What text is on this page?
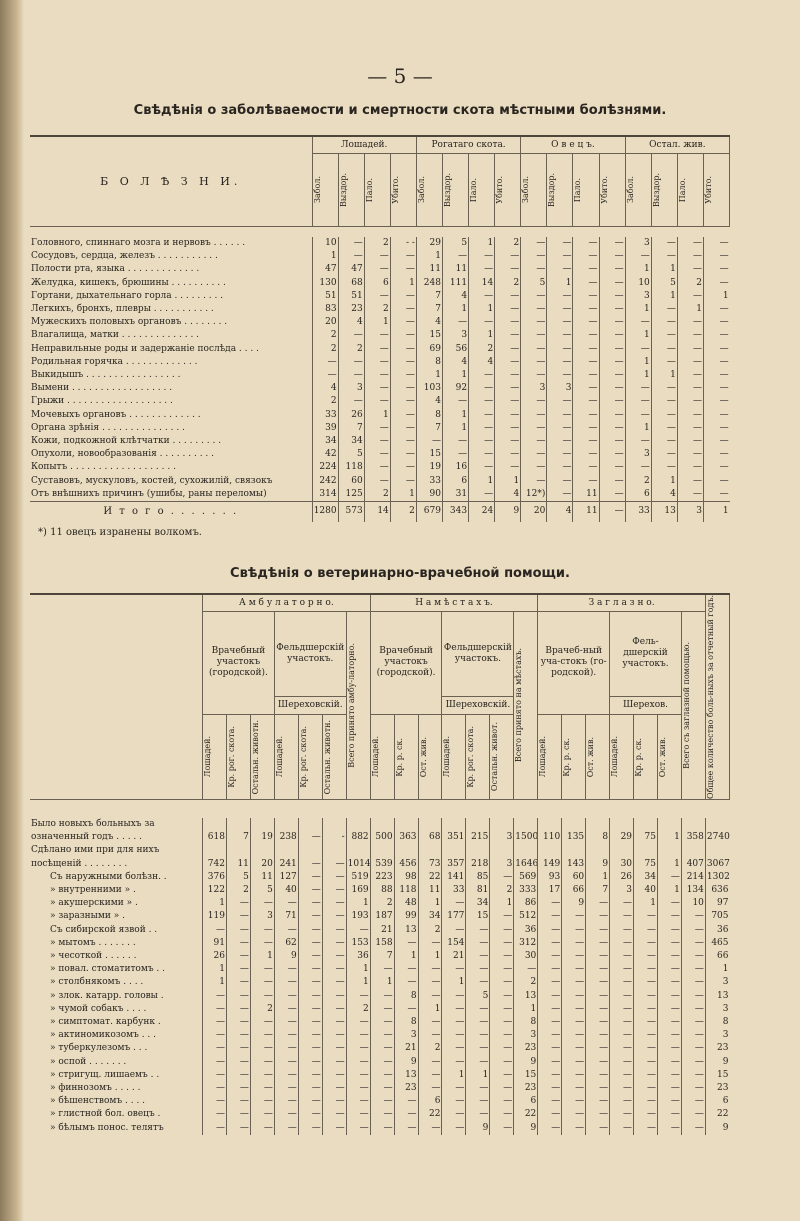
— 5 —
Свѣдѣнія о заболѣваемости и смертности скота мѣстными болѣзнями.
Б О Л Ѣ З Н И.	Лошадей.				Рогатаго скота.				О в е ц ъ.				Остал. жив.			

	Забол.	Выздор.	Пало.	Убито.	Забол.	Выздор.	Пало.	Убито.	Забол.	Выздор.	Пало.	Убито.	Забол.	Выздор.	Пало.	Убито.

Головного, спиннаго мозга и нервовъ . . . . . .	10	—	2	- -	29	5	1	2	—	—	—	—	3	—	—	—
Сосудовъ, сердца, железъ . . . . . . . . . . .	1	—	—	—	1	—	—	—	—	—	—	—	—	—	—	—
Полости рта, языка . . . . . . . . . . . . .	47	47	—	—	11	11	—	—	—	—	—	—	1	1	—	—
Желудка, кишекъ, брюшины . . . . . . . . . .	130	68	6	1	248	111	14	2	5	1	—	—	10	5	2	—
Гортани, дыхательнаго горла . . . . . . . . .	51	51	—	—	7	4	—	—	—	—	—	—	3	1	—	1
Легкихъ, бронхъ, плевры . . . . . . . . . . .	83	23	2	—	7	1	1	—	—	—	—	—	1	—	1	—
Мужескихъ половыхъ органовъ . . . . . . . .	20	4	1	—	4	—	—	—	—	—	—	—	—	—	—	—
Влагалища, матки . . . . . . . . . . . . . .	2	—	—	—	15	3	1	—	—	—	—	—	1	—	—	—
Неправильные роды и задержаніе послѣда . . . .	2	2	—	—	69	56	2	—	—	—	—	—	—	—	—	—
Родильная горячка . . . . . . . . . . . . .	—	—	—	—	8	4	4	—	—	—	—	—	1	—	—	—
Выкидышъ . . . . . . . . . . . . . . . . .	—	—	—	—	1	1	—	—	—	—	—	—	1	1	—	—
Вымени . . . . . . . . . . . . . . . . . .	4	3	—	—	103	92	—	—	3	3	—	—	—	—	—	—
Грыжи . . . . . . . . . . . . . . . . . . .	2	—	—	—	4	—	—	—	—	—	—	—	—	—	—	—
Мочевыхъ органовъ . . . . . . . . . . . . .	33	26	1	—	8	1	—	—	—	—	—	—	—	—	—	—
Органа зрѣнія . . . . . . . . . . . . . . .	39	7	—	—	7	1	—	—	—	—	—	—	1	—	—	—
Кожи, подкожной клѣтчатки . . . . . . . . .	34	34	—	—	—	—	—	—	—	—	—	—	—	—	—	—
Опухоли, новообразованія . . . . . . . . . .	42	5	—	—	15	—	—	—	—	—	—	—	3	—	—	—
Копытъ . . . . . . . . . . . . . . . . . . .	224	118	—	—	19	16	—	—	—	—	—	—	—	—	—	—
Суставовъ, мускуловъ, костей, сухожилій, связокъ	242	60	—	—	33	6	1	1	—	—	—	—	2	1	—	—
Отъ внѣшнихъ причинъ (ушибы, раны переломы)	314	125	2	1	90	31	—	4	12*)	—	11	—	6	4	—	—
И т о г о . . . . . . .	1280	573	14	2	679	343	24	9	20	4	11	—	33	13	3	1
*) 11 овецъ изранены волкомъ.
Свѣдѣнія о ветеринарно-врачебной помощи.
	А м б у л а т о р н о.							Н а м ѣ с т а х ъ.							З а г л а з н о.							Общее количество боль-ныхъ за отчетный годъ.

	Врачебный участокъ (городской).			Фельдшерскій участокъ.			Всего принято амбу-латорно.	Врачебный участокъ (городской).			Фельдшерскій участокъ.			Всего принято на мѣстахъ.	Врачеб-ный уча-стокъ (го-родской).			Фель-дшерскій участокъ.			Всего съ заглазной помощью.	

				Шереховскій.							Шереховскій.							Шерехов.				

	Лошадей.	Кр. рог. скота.	Остальн. животн.	Лошадей.	Кр. рог. скота.	Остальн. животн.		Лошадей.	Кр. р. ск.	Ост. жив.	Лошадей.	Кр. рог. скота.	Остальн. живот.		Лошадей.	Кр. р. ск.	Ост. жив.	Лошадей.	Кр. р. ск.	Ост. жив.		

Было новыхъ больныхъ за																						
означенный годъ . . . . .	618	7	19	238	—	-	882	500	363	68	351	215	3	1500	110	135	8	29	75	1	358	2740
Сдѣлано ими при для нихъ																						
посѣщеній . . . . . . . .	742	11	20	241	—	—	1014	539	456	73	357	218	3	1646	149	143	9	30	75	1	407	3067
Съ наружными болѣзн. .	376	5	11	127	—	—	519	223	98	22	141	85	—	569	93	60	1	26	34	—	214	1302
» внутренними » .	122	2	5	40	—	—	169	88	118	11	33	81	2	333	17	66	7	3	40	1	134	636
» акушерскими » .	1	—	—	—	—	—	1	2	48	1	—	34	1	86	—	9	—	—	1	—	10	97
» заразными » .	119	—	3	71	—	—	193	187	99	34	177	15	—	512	—	—	—	—	—	—	—	705
Съ сибирской язвой . .	—	—	—	—	—	—	—	21	13	2	—	—	—	36	—	—	—	—	—	—	—	36
» мытомъ . . . . . . .	91	—	—	62	—	—	153	158	—	—	154	—	—	312	—	—	—	—	—	—	—	465
» чесоткой . . . . . .	26	—	1	9	—	—	36	7	1	1	21	—	—	30	—	—	—	—	—	—	—	66
» повал. стоматитомъ . .	1	—	—	—	—	—	1	—	—	—	—	—	—	—	—	—	—	—	—	—	—	1
» столбнякомъ . . . .	1	—	—	—	—	—	1	1	—	—	1	—	—	2	—	—	—	—	—	—	—	3
» злок. катарр. головы .	—	—	—	—	—	—	—	—	8	—	—	5	—	13	—	—	—	—	—	—	—	13
» чумой собакъ . . . .	—	—	2	—	—	—	2	—	—	1	—	—	—	1	—	—	—	—	—	—	—	3
» симптомат. карбунк .	—	—	—	—	—	—	—	—	8	—	—	—	—	8	—	—	—	—	—	—	—	8
» актиномикозомъ . . .	—	—	—	—	—	—	—	—	3	—	—	—	—	3	—	—	—	—	—	—	—	3
» туберкулезомъ . . .	—	—	—	—	—	—	—	—	21	2	—	—	—	23	—	—	—	—	—	—	—	23
» оспой . . . . . . .	—	—	—	—	—	—	—	—	9	—	—	—	—	9	—	—	—	—	—	—	—	9
» стригущ. лишаемъ . .	—	—	—	—	—	—	—	—	13	—	1	1	—	15	—	—	—	—	—	—	—	15
» финнозомъ . . . . .	—	—	—	—	—	—	—	—	23	—	—	—	—	23	—	—	—	—	—	—	—	23
» бѣшенствомъ . . . .	—	—	—	—	—	—	—	—	—	6	—	—	—	6	—	—	—	—	—	—	—	6
» глистной бол. овецъ .	—	—	—	—	—	—	—	—	—	22	—	—	—	22	—	—	—	—	—	—	—	22
» бѣлымъ понос. телятъ	—	—	—	—	—	—	—	—	—	—	—	9	—	9	—	—	—	—	—	—	—	9
